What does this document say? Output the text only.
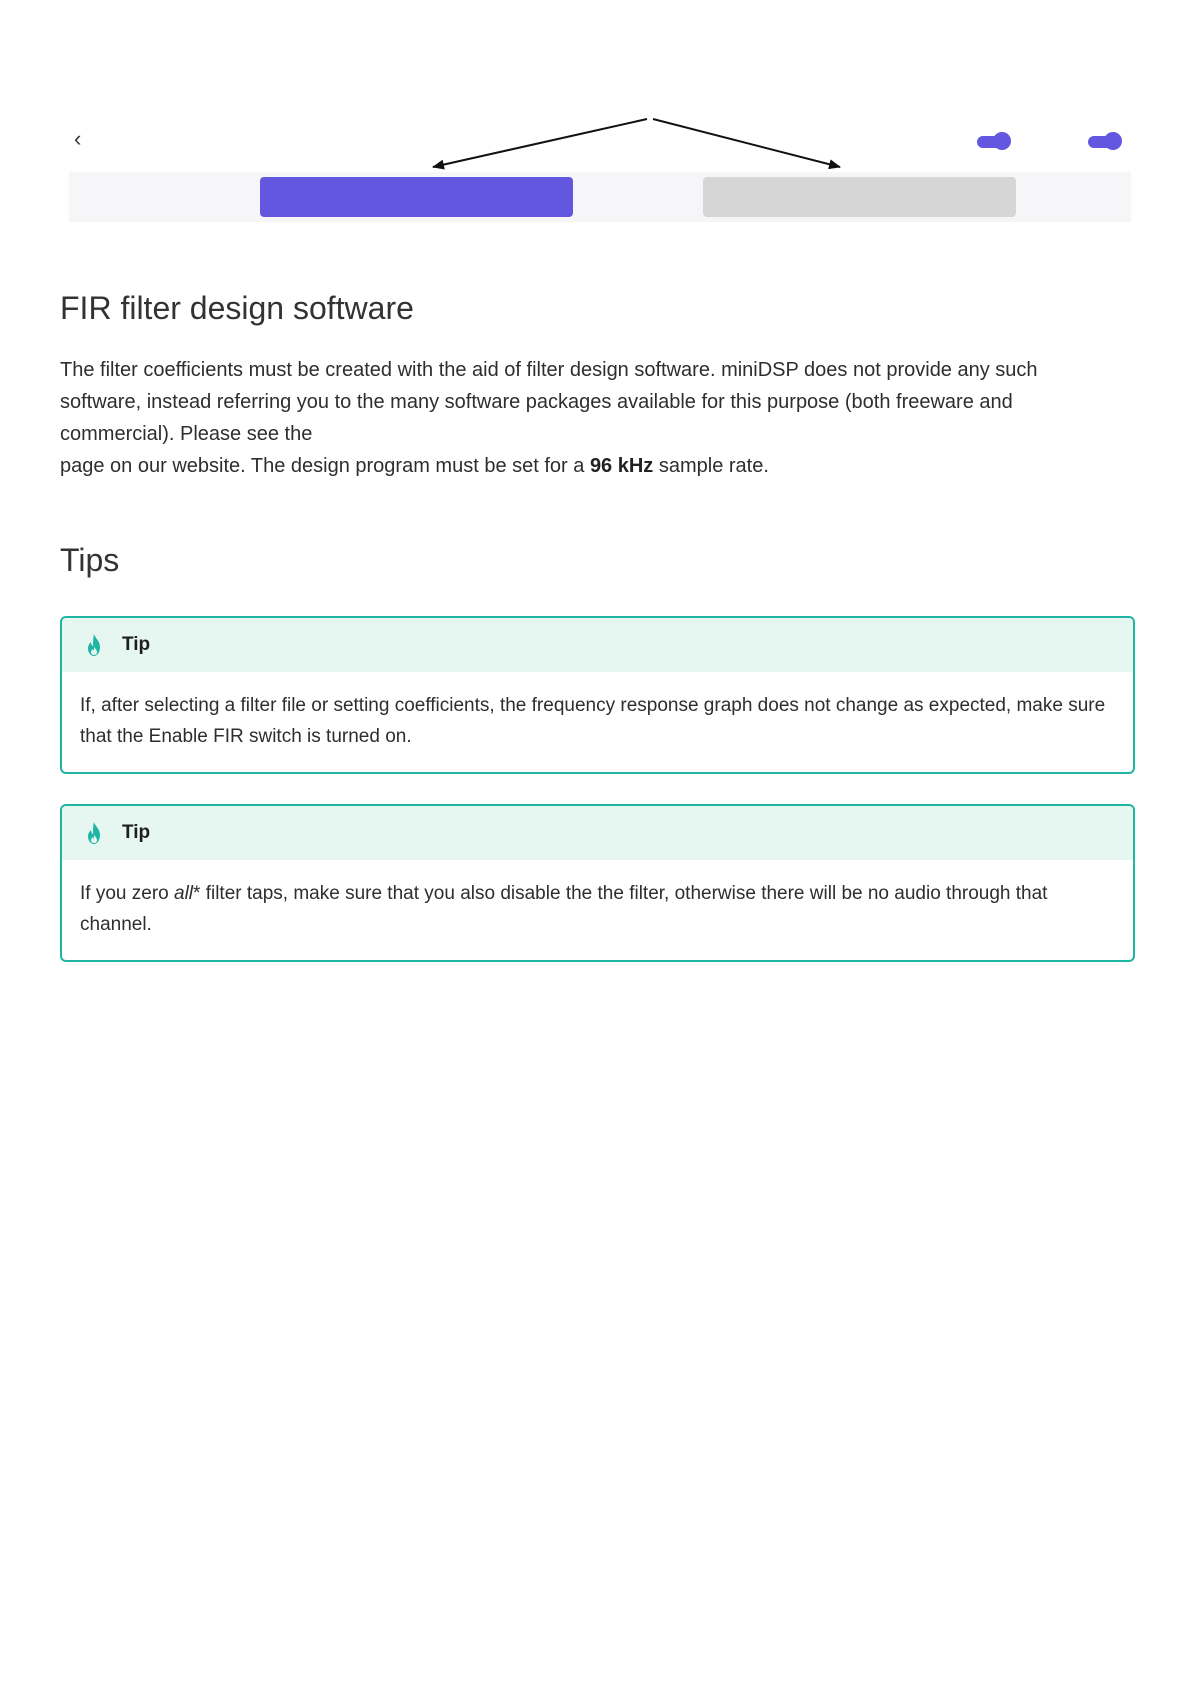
‹
FIR filter design software

The filter coefficients must be created with the aid of filter design software. miniDSP does not provide any such
software, instead referring you to the many software packages available for this purpose (both freeware and
commercial). Please see the
page on our website. The design program must be set for a 96 kHz sample rate.

Tips
Tip
If, after selecting a filter file or setting coefficients, the frequency response graph does not change as expected, make sure that the Enable FIR switch is turned on.
Tip
If you zero all* filter taps, make sure that you also disable the the filter, otherwise there will be no audio through that channel.
